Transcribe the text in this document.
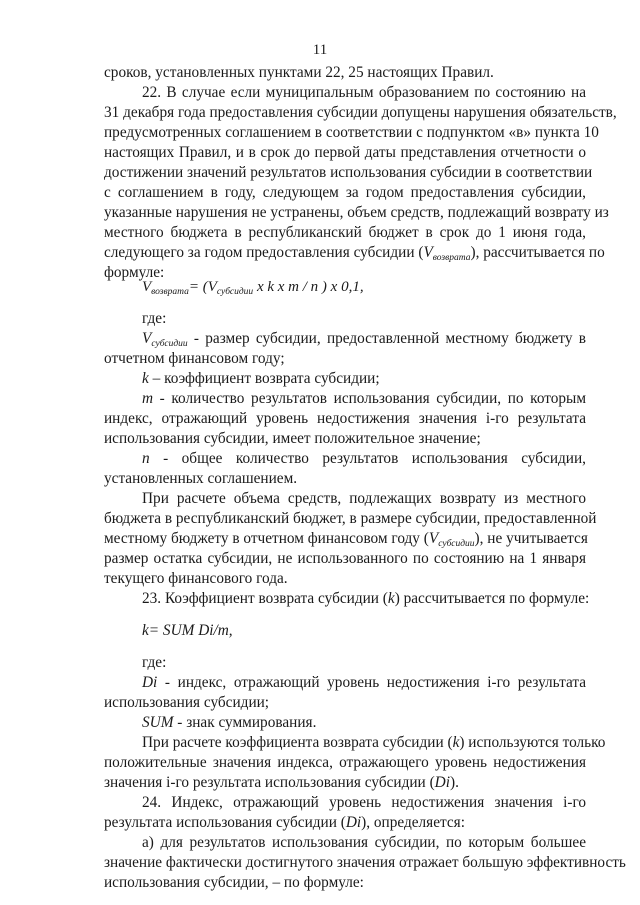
11
сроков, установленных пунктами 22, 25 настоящих Правил.
22. В случае если муниципальным образованием по состоянию на
31 декабря года предоставления субсидии допущены нарушения обязательств,
предусмотренных соглашением в соответствии с подпунктом «в» пункта 10
настоящих Правил, и в срок до первой даты представления отчетности о
достижении значений результатов использования субсидии в соответствии
с соглашением в году, следующем за годом предоставления субсидии,
указанные нарушения не устранены, объем средств, подлежащий возврату из
местного бюджета в республиканский бюджет в срок до 1 июня года,
следующего за годом предоставления субсидии $(V_{возврата})$, рассчитывается по
формуле:
$V_{возврата}= (V_{субсидии}$ x k x m / n ) x 0,1,
где:
$V_{субсидии}$ - размер субсидии, предоставленной местному бюджету в
отчетном финансовом году;
k – коэффициент возврата субсидии;
m - количество результатов использования субсидии, по которым
индекс, отражающий уровень недостижения значения i-го результата
использования субсидии, имеет положительное значение;
n - общее количество результатов использования субсидии,
установленных соглашением.
При расчете объема средств, подлежащих возврату из местного
бюджета в республиканский бюджет, в размере субсидии, предоставленной
местному бюджету в отчетном финансовом году $(V_{субсидии})$, не учитывается
размер остатка субсидии, не использованного по состоянию на 1 января
текущего финансового года.
23. Коэффициент возврата субсидии (k) рассчитывается по формуле:
k= SUM Di/m,
где:
Di - индекс, отражающий уровень недостижения i-го результата
использования субсидии;
SUM - знак суммирования.
При расчете коэффициента возврата субсидии (k) используются только
положительные значения индекса, отражающего уровень недостижения
значения i-го результата использования субсидии (Di).
24. Индекс, отражающий уровень недостижения значения i-го
результата использования субсидии (Di), определяется:
а) для результатов использования субсидии, по которым большее
значение фактически достигнутого значения отражает большую эффективность
использования субсидии, – по формуле:
